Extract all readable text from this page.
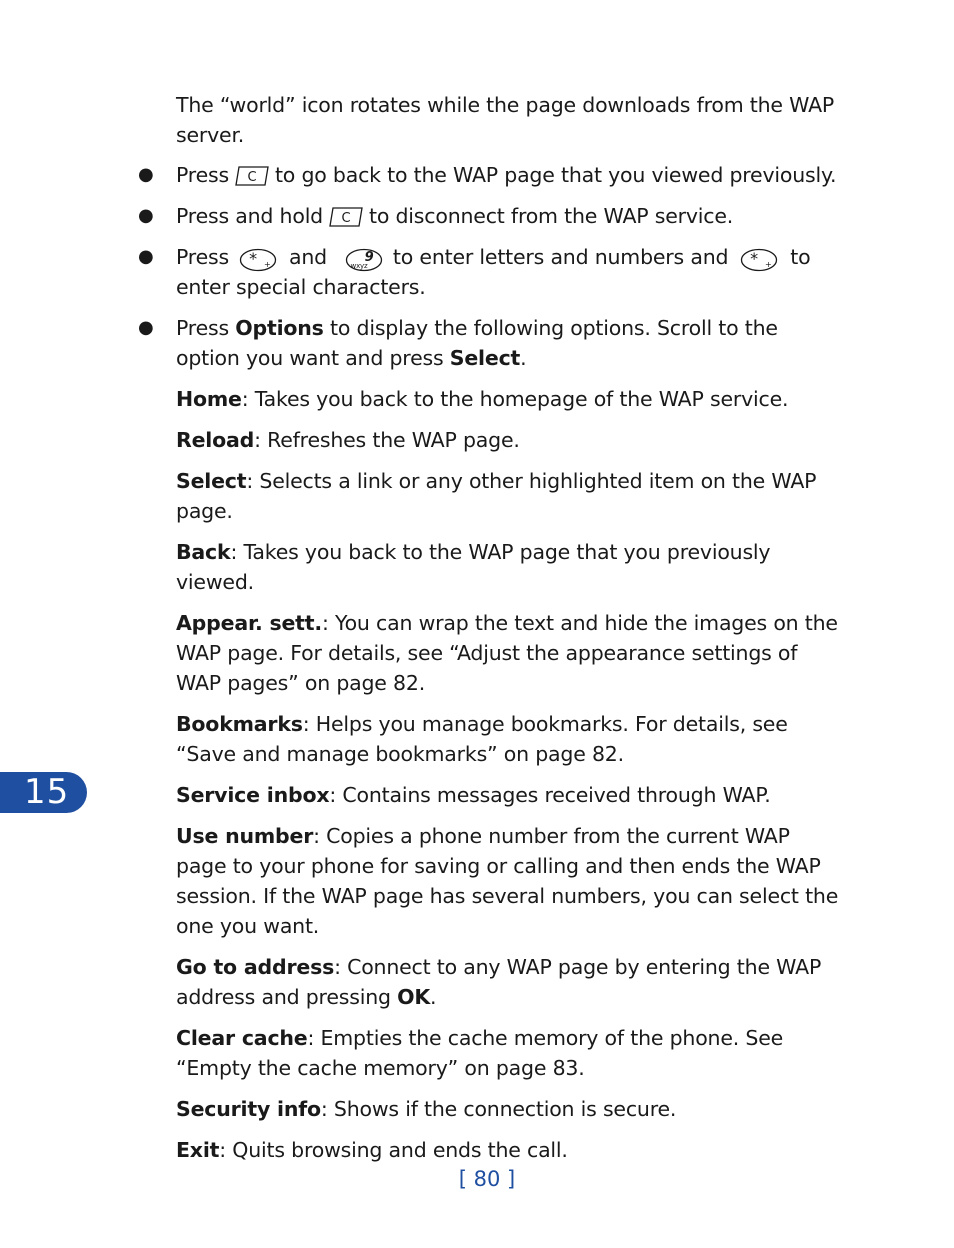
The “world” icon rotates while the page downloads from the WAP server.

● Press C to go back to the WAP page that you viewed previously.
● Press and hold C to disconnect from the WAP service.
● Press * + and	9
wxyz to enter letters and numbers and * + to enter special characters.
● Press Options to display the following options. Scroll to the option you want and press Select.

Home: Takes you back to the homepage of the WAP service.

Reload: Refreshes the WAP page.

Select: Selects a link or any other highlighted item on the WAP page.

Back: Takes you back to the WAP page that you previously viewed.

Appear. sett.: You can wrap the text and hide the images on the WAP page. For details, see “Adjust the appearance settings of WAP pages” on page 82.

Bookmarks: Helps you manage bookmarks. For details, see “Save and manage bookmarks” on page 82.

Service inbox: Contains messages received through WAP.

Use number: Copies a phone number from the current WAP page to your phone for saving or calling and then ends the WAP session. If the WAP page has several numbers, you can select the one you want.

Go to address: Connect to any WAP page by entering the WAP address and pressing OK.

Clear cache: Empties the cache memory of the phone. See “Empty the cache memory” on page 83.

Security info: Shows if the connection is secure.

Exit: Quits browsing and ends the call.

15
[ 80 ]
